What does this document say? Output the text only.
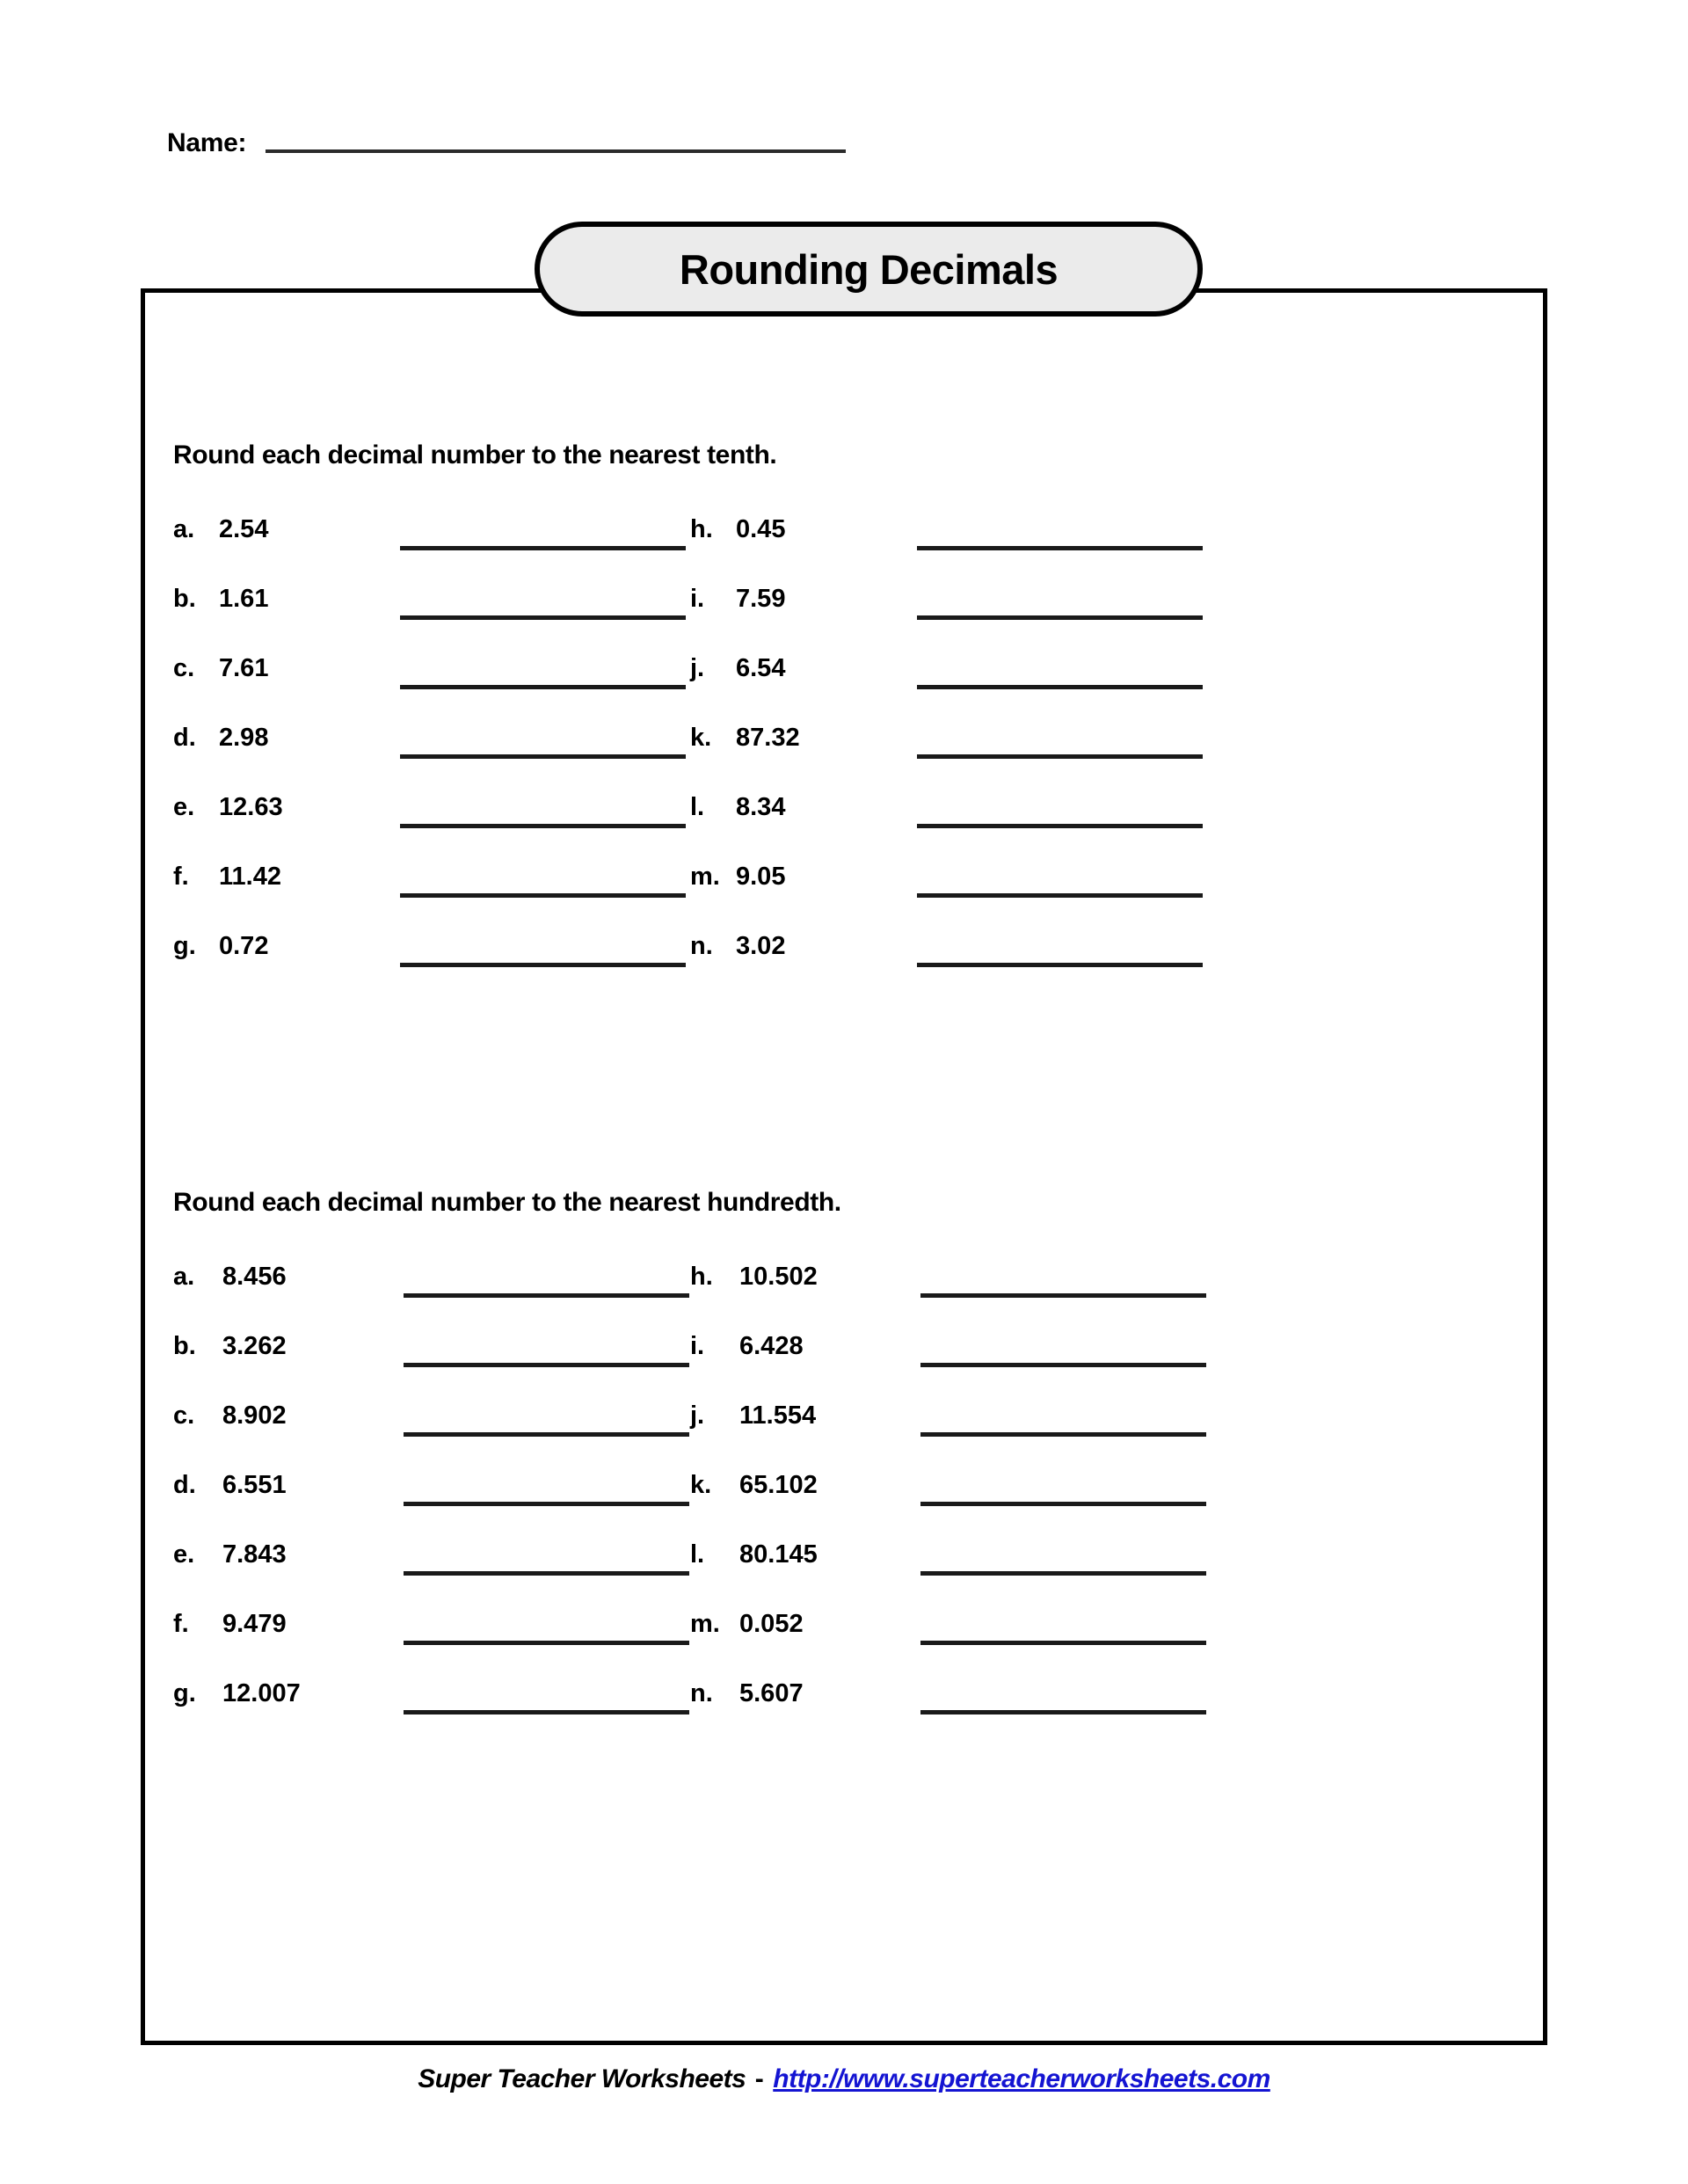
Name:
Round each decimal number to the nearest tenth.
a. 2.54
b. 1.61
c. 7.61
d. 2.98
e. 12.63
f.	11.42
g. 0.72
h. 0.45
i.	7.59
j.	6.54
k. 87.32
l.	8.34
m. 9.05
n. 3.02
Round each decimal number to the nearest hundredth.
a.	8.456
b.	3.262
c.	8.902
d.	6.551
e.	7.843
f.	9.479
g.	12.007
h.	10.502
i.	6.428
j.	11.554
k.	65.102
l.	80.145
m. 0.052
n.	5.607
Rounding Decimals
Super Teacher Worksheets - http://www.superteacherworksheets.com
